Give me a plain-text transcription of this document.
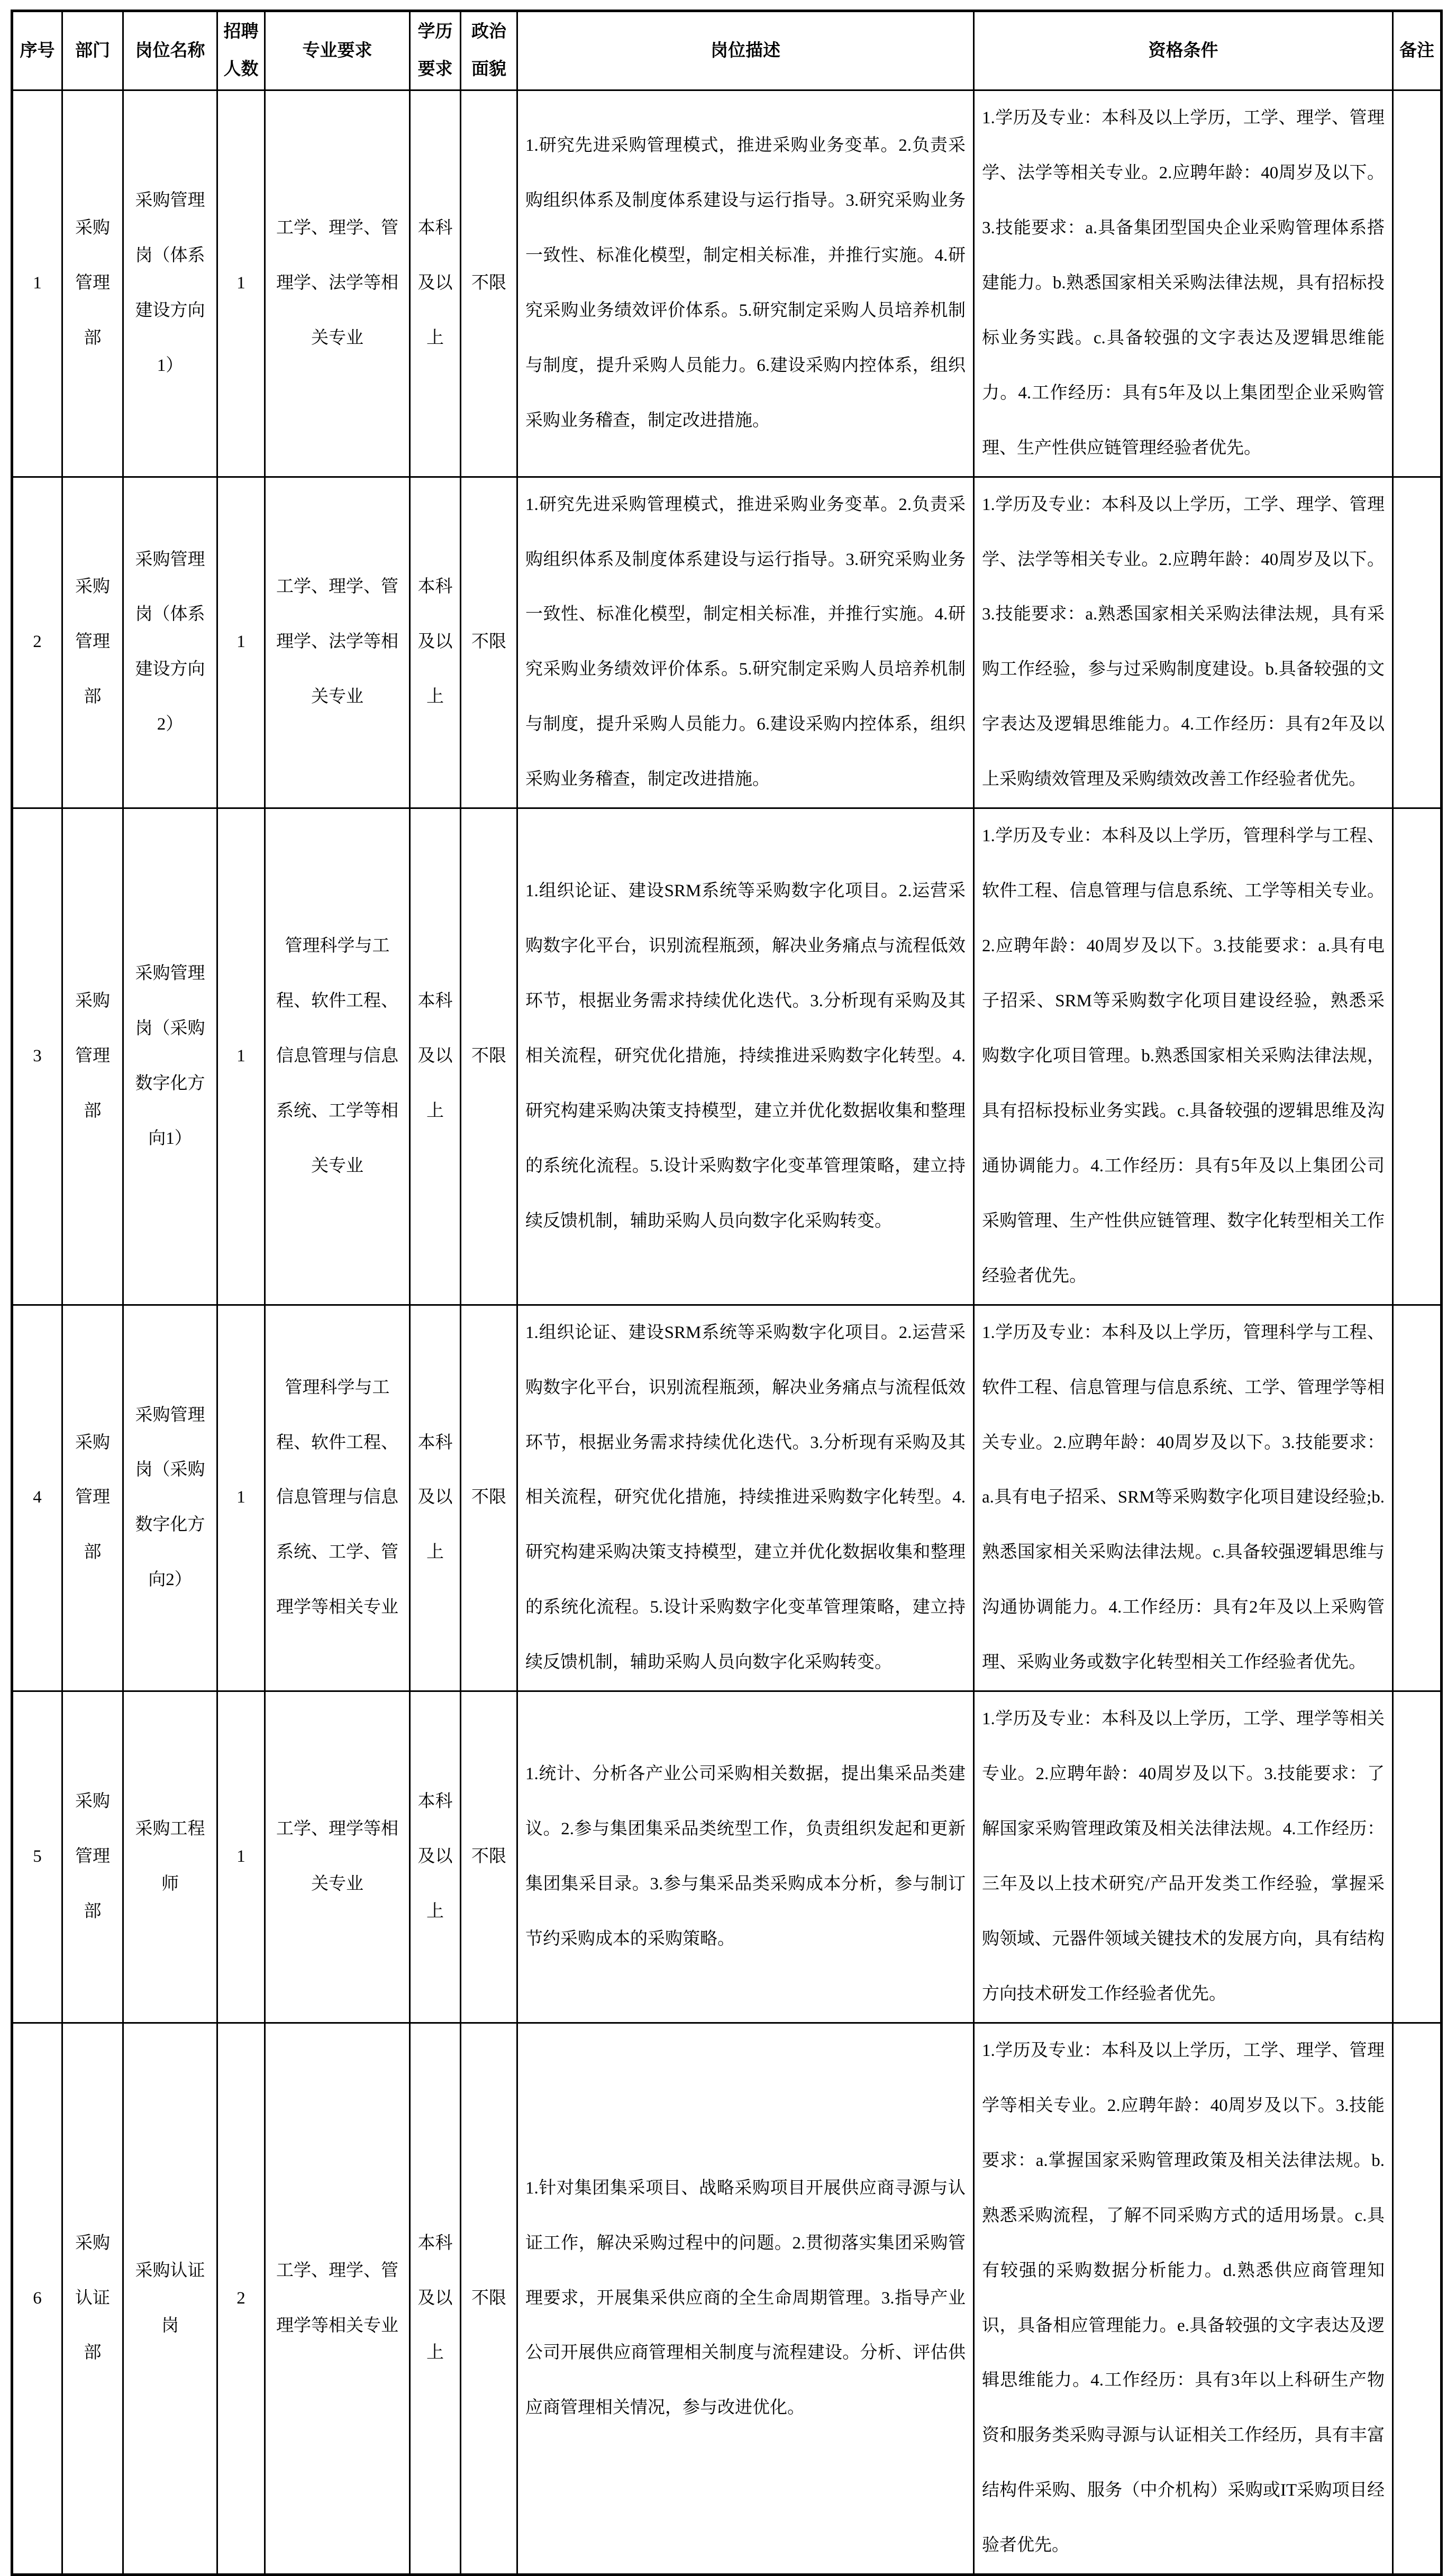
序号	部门	岗位名称	招聘人数	专业要求	学历要求	政治面貌	岗位描述	资格条件	备注
1	采购管理部	采购管理岗（体系建设方向1）	1	工学、理学、管理学、法学等相关专业	本科及以上	不限	1.研究先进采购管理模式，推进采购业务变革。2.负责采购组织体系及制度体系建设与运行指导。3.研究采购业务一致性、标准化模型，制定相关标准，并推行实施。4.研究采购业务绩效评价体系。5.研究制定采购人员培养机制与制度，提升采购人员能力。6.建设采购内控体系，组织采购业务稽查，制定改进措施。	1.学历及专业：本科及以上学历，工学、理学、管理学、法学等相关专业。2.应聘年龄：40周岁及以下。3.技能要求：a.具备集团型国央企业采购管理体系搭建能力。b.熟悉国家相关采购法律法规，具有招标投标业务实践。c.具备较强的文字表达及逻辑思维能力。4.工作经历：具有5年及以上集团型企业采购管理、生产性供应链管理经验者优先。	
2	采购管理部	采购管理岗（体系建设方向2）	1	工学、理学、管理学、法学等相关专业	本科及以上	不限	1.研究先进采购管理模式，推进采购业务变革。2.负责采购组织体系及制度体系建设与运行指导。3.研究采购业务一致性、标准化模型，制定相关标准，并推行实施。4.研究采购业务绩效评价体系。5.研究制定采购人员培养机制与制度，提升采购人员能力。6.建设采购内控体系，组织采购业务稽查，制定改进措施。	1.学历及专业：本科及以上学历，工学、理学、管理学、法学等相关专业。2.应聘年龄：40周岁及以下。3.技能要求：a.熟悉国家相关采购法律法规，具有采购工作经验，参与过采购制度建设。b.具备较强的文字表达及逻辑思维能力。4.工作经历：具有2年及以上采购绩效管理及采购绩效改善工作经验者优先。	
3	采购管理部	采购管理岗（采购数字化方向1）	1	管理科学与工程、软件工程、信息管理与信息系统、工学等相关专业	本科及以上	不限	1.组织论证、建设SRM系统等采购数字化项目。2.运营采购数字化平台，识别流程瓶颈，解决业务痛点与流程低效环节，根据业务需求持续优化迭代。3.分析现有采购及其相关流程，研究优化措施，持续推进采购数字化转型。4.研究构建采购决策支持模型，建立并优化数据收集和整理的系统化流程。5.设计采购数字化变革管理策略，建立持续反馈机制，辅助采购人员向数字化采购转变。	1.学历及专业：本科及以上学历，管理科学与工程、软件工程、信息管理与信息系统、工学等相关专业。2.应聘年龄：40周岁及以下。3.技能要求：a.具有电子招采、SRM等采购数字化项目建设经验，熟悉采购数字化项目管理。b.熟悉国家相关采购法律法规，具有招标投标业务实践。c.具备较强的逻辑思维及沟通协调能力。4.工作经历：具有5年及以上集团公司采购管理、生产性供应链管理、数字化转型相关工作经验者优先。	
4	采购管理部	采购管理岗（采购数字化方向2）	1	管理科学与工程、软件工程、信息管理与信息系统、工学、管理学等相关专业	本科及以上	不限	1.组织论证、建设SRM系统等采购数字化项目。2.运营采购数字化平台，识别流程瓶颈，解决业务痛点与流程低效环节，根据业务需求持续优化迭代。3.分析现有采购及其相关流程，研究优化措施，持续推进采购数字化转型。4.研究构建采购决策支持模型，建立并优化数据收集和整理的系统化流程。5.设计采购数字化变革管理策略，建立持续反馈机制，辅助采购人员向数字化采购转变。	1.学历及专业：本科及以上学历，管理科学与工程、软件工程、信息管理与信息系统、工学、管理学等相关专业。2.应聘年龄：40周岁及以下。3.技能要求：a.具有电子招采、SRM等采购数字化项目建设经验;b.熟悉国家相关采购法律法规。c.具备较强逻辑思维与沟通协调能力。4.工作经历：具有2年及以上采购管理、采购业务或数字化转型相关工作经验者优先。	
5	采购管理部	采购工程师	1	工学、理学等相关专业	本科及以上	不限	1.统计、分析各产业公司采购相关数据，提出集采品类建议。2.参与集团集采品类统型工作，负责组织发起和更新集团集采目录。3.参与集采品类采购成本分析，参与制订节约采购成本的采购策略。	1.学历及专业：本科及以上学历，工学、理学等相关专业。2.应聘年龄：40周岁及以下。3.技能要求：了解国家采购管理政策及相关法律法规。4.工作经历：三年及以上技术研究/产品开发类工作经验，掌握采购领域、元器件领域关键技术的发展方向，具有结构方向技术研发工作经验者优先。	
6	采购认证部	采购认证岗	2	工学、理学、管理学等相关专业	本科及以上	不限	1.针对集团集采项目、战略采购项目开展供应商寻源与认证工作，解决采购过程中的问题。2.贯彻落实集团采购管理要求，开展集采供应商的全生命周期管理。3.指导产业公司开展供应商管理相关制度与流程建设。分析、评估供应商管理相关情况，参与改进优化。	1.学历及专业：本科及以上学历，工学、理学、管理学等相关专业。2.应聘年龄：40周岁及以下。3.技能要求：a.掌握国家采购管理政策及相关法律法规。b.熟悉采购流程，了解不同采购方式的适用场景。c.具有较强的采购数据分析能力。d.熟悉供应商管理知识，具备相应管理能力。e.具备较强的文字表达及逻辑思维能力。4.工作经历：具有3年以上科研生产物资和服务类采购寻源与认证相关工作经历，具有丰富结构件采购、服务（中介机构）采购或IT采购项目经验者优先。	
